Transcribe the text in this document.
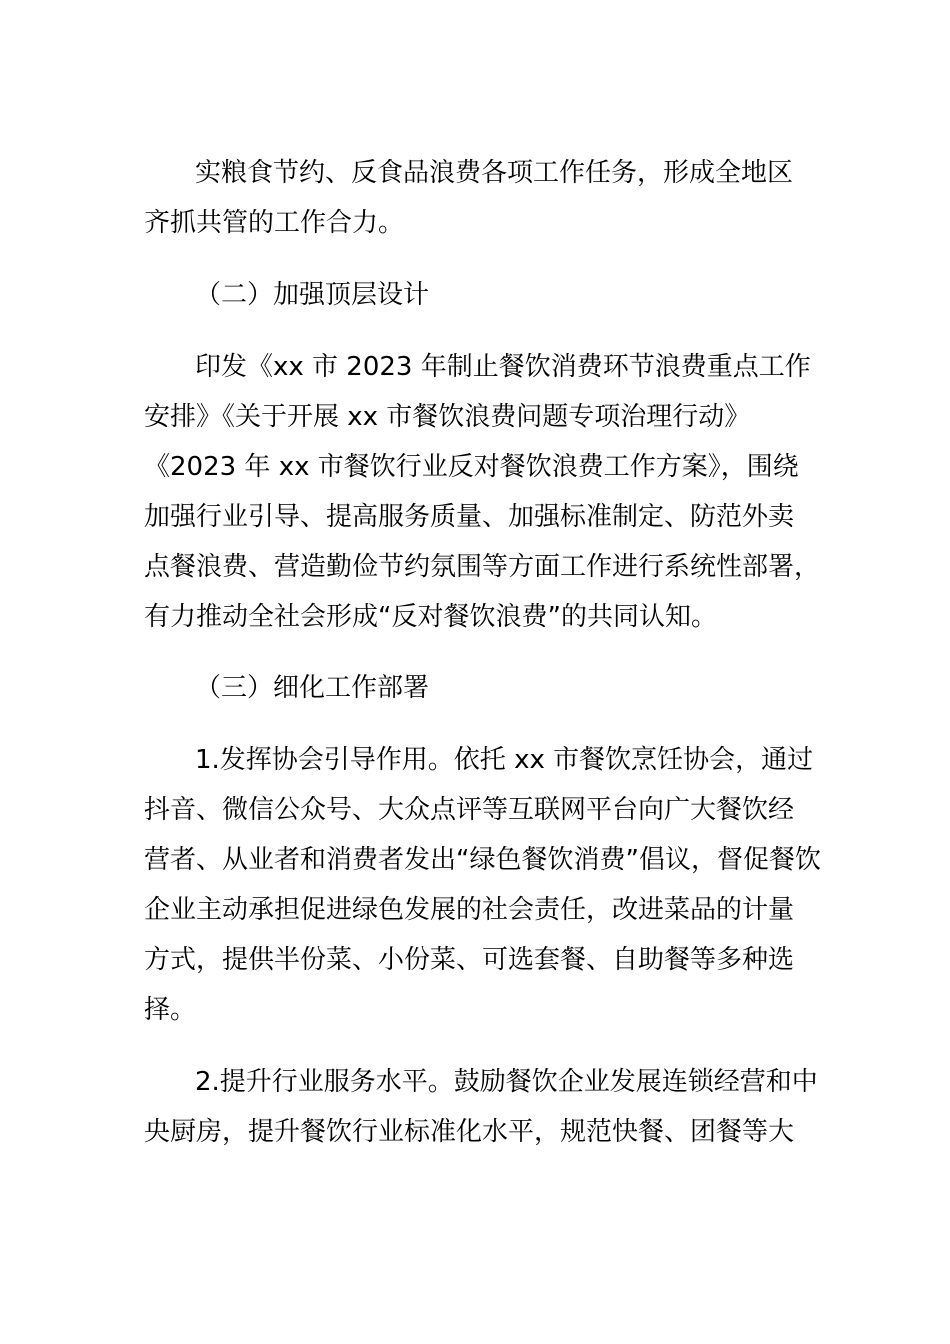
实粮食节约、反食品浪费各项工作任务，形成全地区
齐抓共管的工作合力。
（二）加强顶层设计
印发《xx 市 2023 年制止餐饮消费环节浪费重点工作
安排》《关于开展 xx 市餐饮浪费问题专项治理行动》
《2023 年 xx 市餐饮行业反对餐饮浪费工作方案》，围绕
加强行业引导、提高服务质量、加强标准制定、防范外卖
点餐浪费、营造勤俭节约氛围等方面工作进行系统性部署，
有力推动全社会形成“反对餐饮浪费”的共同认知。
（三）细化工作部署
1.发挥协会引导作用。依托 xx 市餐饮烹饪协会，通过
抖音、微信公众号、大众点评等互联网平台向广大餐饮经
营者、从业者和消费者发出“绿色餐饮消费”倡议，督促餐饮
企业主动承担促进绿色发展的社会责任，改进菜品的计量
方式，提供半份菜、小份菜、可选套餐、自助餐等多种选
择。
2.提升行业服务水平。鼓励餐饮企业发展连锁经营和中
央厨房，提升餐饮行业标准化水平，规范快餐、团餐等大
